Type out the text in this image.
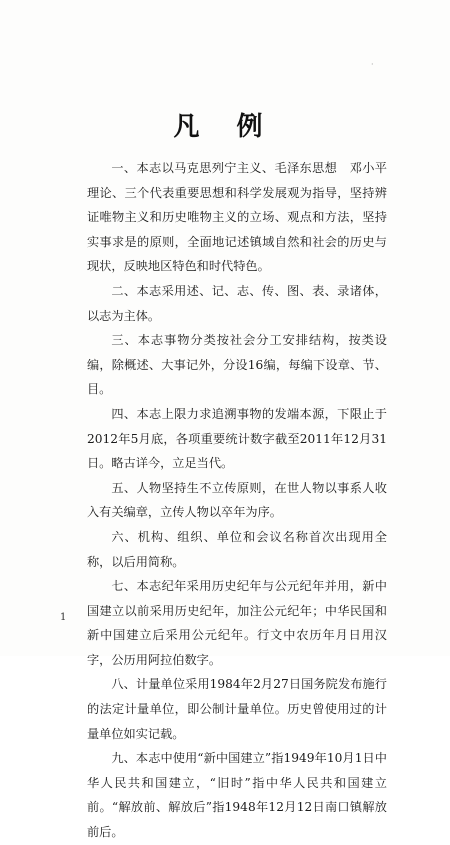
·
凡 例

一、本志以马克思列宁主义、毛泽东思想　邓小平理论、三个代表重要思想和科学发展观为指导，坚持辨证唯物主义和历史唯物主义的立场、观点和方法，坚持实事求是的原则，全面地记述镇域自然和社会的历史与现状，反映地区特色和时代特色。

二、本志采用述、记、志、传、图、表、录诸体，以志为主体。

三、本志事物分类按社会分工安排结构，按类设编，除概述、大事记外，分设16编，每编下设章、节、目。

四、本志上限力求追溯事物的发端本源，下限止于2012年5月底，各项重要统计数字截至2011年12月31日。略古详今，立足当代。

五、人物坚持生不立传原则，在世人物以事系人收入有关编章，立传人物以卒年为序。

六、机构、组织、单位和会议名称首次出现用全称，以后用简称。

七、本志纪年采用历史纪年与公元纪年并用，新中国建立以前采用历史纪年，加注公元纪年；中华民国和新中国建立后采用公元纪年。行文中农历年月日用汉字，公历用阿拉伯数字。

八、计量单位采用1984年2月27日国务院发布施行的法定计量单位，即公制计量单位。历史曾使用过的计量单位如实记载。

九、本志中使用“新中国建立”指1949年10月1日中华人民共和国建立，“旧时”指中华人民共和国建立前。“解放前、解放后”指1948年12月12日南口镇解放前后。

1
